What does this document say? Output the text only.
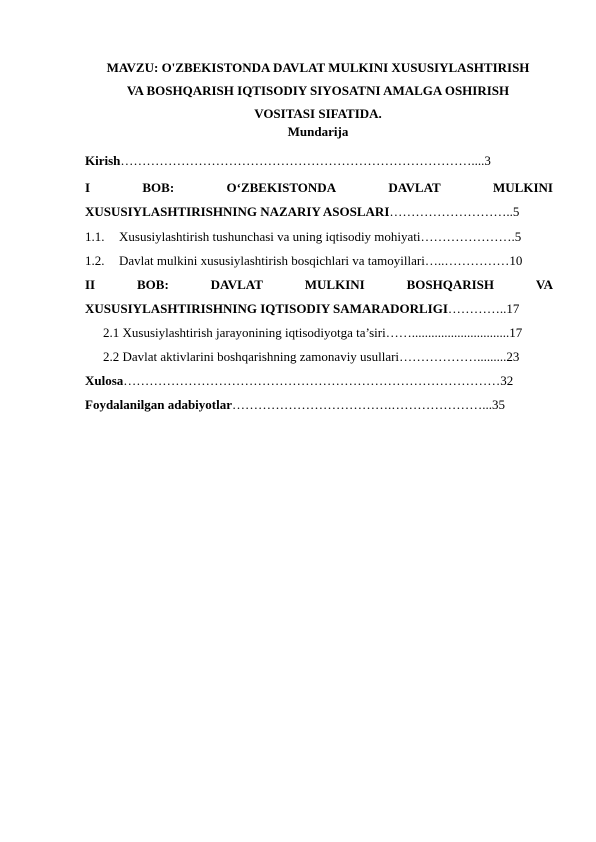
MAVZU: O'ZBEKISTONDA DAVLAT MULKINI XUSUSIYLASHTIRISH
VA BOSHQARISH IQTISODIY SIYOSATNI AMALGA OSHIRISH
VOSITASI SIFATIDA.
Mundarija
Kirish………………………………………………………………………....3
I	BOB:	O‘ZBEKISTONDA	DAVLAT	MULKINI
XUSUSIYLASHTIRISHNING NAZARIY ASOSLARI………………………..5
1.1. Xususiylashtirish tushunchasi va uning iqtisodiy mohiyati………………….5
1.2. Davlat mulkini xususiylashtirish bosqichlari va tamoyillari…..……………10
II	BOB:	DAVLAT	MULKINI	BOSHQARISH	VA
XUSUSIYLASHTIRISHNING IQTISODIY SAMARADORLIGI…………..17
2.1 Xususiylashtirish jarayonining iqtisodiyotga ta’siri……..............................17
2.2 Davlat aktivlarini boshqarishning zamonaviy usullari……………….........23
Xulosa……………………………………………………………………………32
Foydalanilgan adabiyotlar……………………………….…………………...35
